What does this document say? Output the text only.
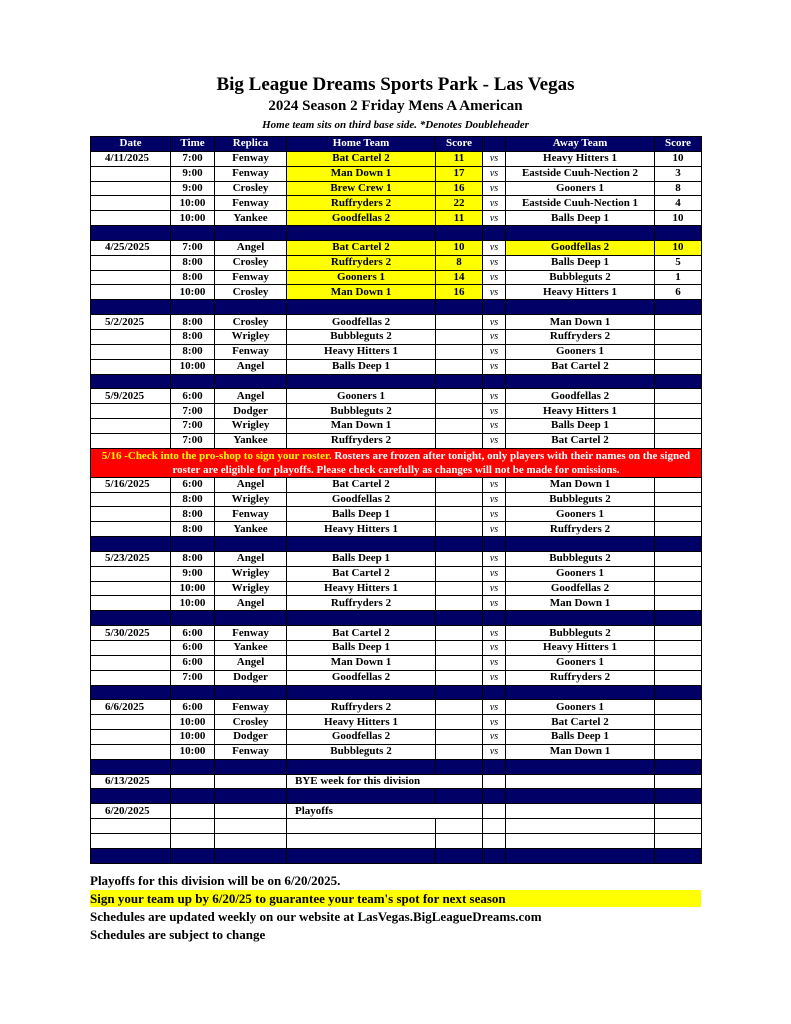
Big League Dreams Sports Park - Las Vegas
2024 Season 2 Friday Mens A American
Home team sits on third base side. *Denotes Doubleheader
Date	Time	Replica	Home Team	Score		Away Team	Score
4/11/2025	7:00	Fenway	Bat Cartel 2	11	vs	Heavy Hitters 1	10
	9:00	Fenway	Man Down 1	17	vs	Eastside Cuuh-Nection 2	3
	9:00	Crosley	Brew Crew 1	16	vs	Gooners 1	8
	10:00	Fenway	Ruffryders 2	22	vs	Eastside Cuuh-Nection 1	4
	10:00	Yankee	Goodfellas 2	11	vs	Balls Deep 1	10

4/25/2025	7:00	Angel	Bat Cartel 2	10	vs	Goodfellas 2	10
	8:00	Crosley	Ruffryders 2	8	vs	Balls Deep 1	5
	8:00	Fenway	Gooners 1	14	vs	Bubbleguts 2	1
	10:00	Crosley	Man Down 1	16	vs	Heavy Hitters 1	6

5/2/2025	8:00	Crosley	Goodfellas 2		vs	Man Down 1	
	8:00	Wrigley	Bubbleguts 2		vs	Ruffryders 2	
	8:00	Fenway	Heavy Hitters 1		vs	Gooners 1	
	10:00	Angel	Balls Deep 1		vs	Bat Cartel 2	

5/9/2025	6:00	Angel	Gooners 1		vs	Goodfellas 2	
	7:00	Dodger	Bubbleguts 2		vs	Heavy Hitters 1	
	7:00	Wrigley	Man Down 1		vs	Balls Deep 1	
	7:00	Yankee	Ruffryders 2		vs	Bat Cartel 2	
5/16 -Check into the pro-shop to sign your roster. Rosters are frozen after tonight, only players with their names on the signed roster are eligible for playoffs. Please check carefully as changes will not be made for omissions.							
5/16/2025	6:00	Angel	Bat Cartel 2		vs	Man Down 1	
	8:00	Wrigley	Goodfellas 2		vs	Bubbleguts 2	
	8:00	Fenway	Balls Deep 1		vs	Gooners 1	
	8:00	Yankee	Heavy Hitters 1		vs	Ruffryders 2	

5/23/2025	8:00	Angel	Balls Deep 1		vs	Bubbleguts 2	
	9:00	Wrigley	Bat Cartel 2		vs	Gooners 1	
	10:00	Wrigley	Heavy Hitters 1		vs	Goodfellas 2	
	10:00	Angel	Ruffryders 2		vs	Man Down 1	

5/30/2025	6:00	Fenway	Bat Cartel 2		vs	Bubbleguts 2	
	6:00	Yankee	Balls Deep 1		vs	Heavy Hitters 1	
	6:00	Angel	Man Down 1		vs	Gooners 1	
	7:00	Dodger	Goodfellas 2		vs	Ruffryders 2	

6/6/2025	6:00	Fenway	Ruffryders 2		vs	Gooners 1	
	10:00	Crosley	Heavy Hitters 1		vs	Bat Cartel 2	
	10:00	Dodger	Goodfellas 2		vs	Balls Deep 1	
	10:00	Fenway	Bubbleguts 2		vs	Man Down 1	

6/13/2025			BYE week for this division				

6/20/2025			Playoffs				

Playoffs for this division will be on 6/20/2025.
Sign your team up by 6/20/25 to guarantee your team's spot for next season
Schedules are updated weekly on our website at LasVegas.BigLeagueDreams.com
Schedules are subject to change
